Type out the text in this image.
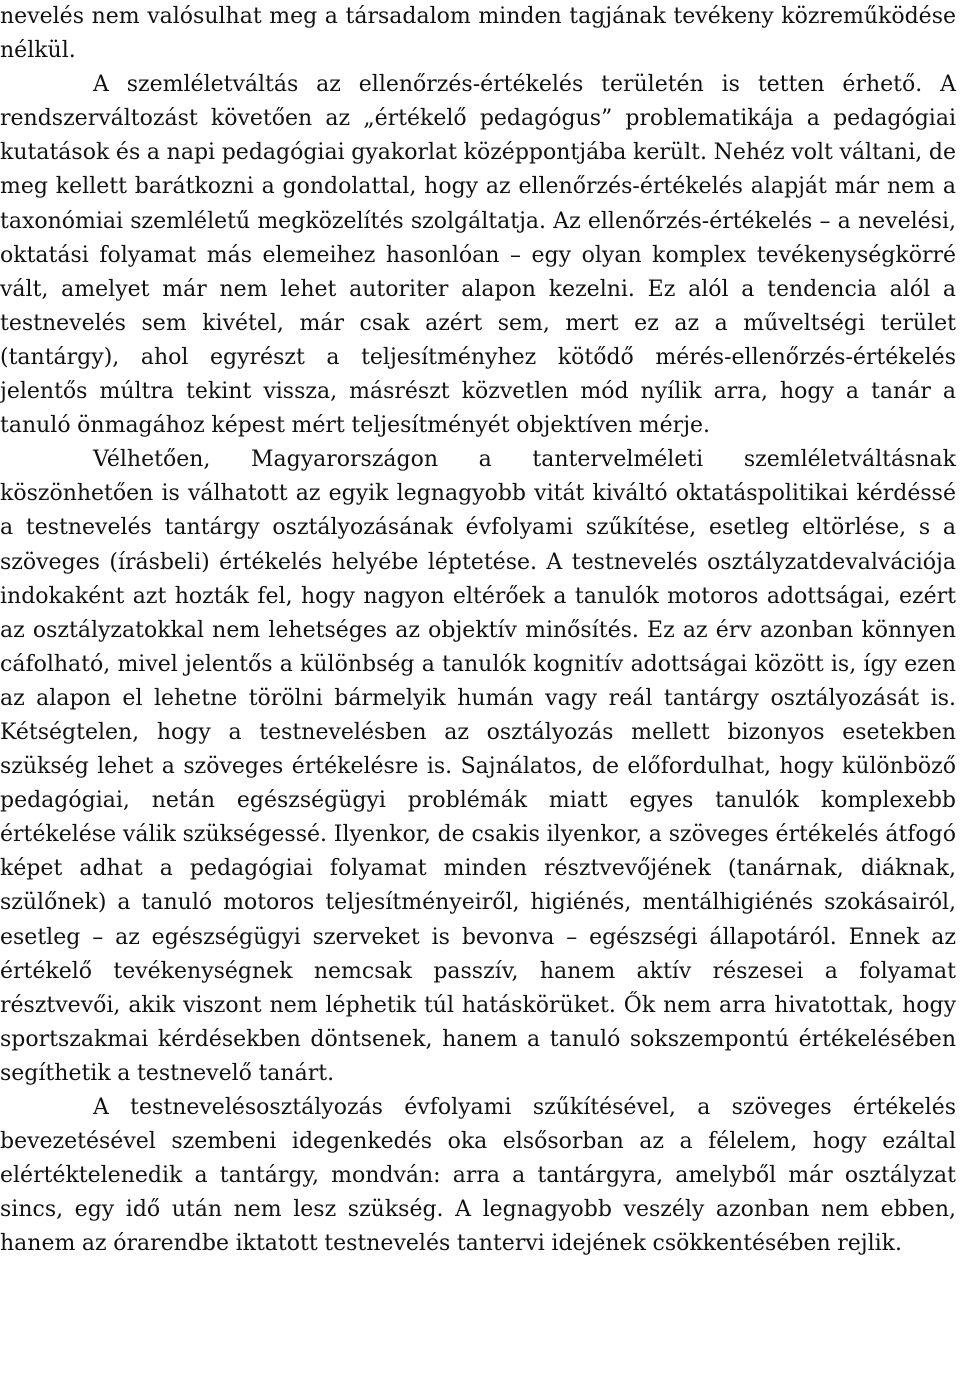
nevelés nem valósulhat meg a társadalom minden tagjának tevékeny közreműködése nélkül.

A szemléletváltás az ellenőrzés-értékelés területén is tetten érhető. A rendszerváltozást követően az „értékelő pedagógus” problematikája a pedagógiai kutatások és a napi pedagógiai gyakorlat középpontjába került. Nehéz volt váltani, de meg kellett barátkozni a gondolattal, hogy az ellenőrzés-értékelés alapját már nem a taxonómiai szemléletű megközelítés szolgáltatja. Az ellenőrzés-értékelés – a nevelési, oktatási folyamat más elemeihez hasonlóan – egy olyan komplex tevékenységkörré vált, amelyet már nem lehet autoriter alapon kezelni. Ez alól a tendencia alól a testnevelés sem kivétel, már csak azért sem, mert ez az a műveltségi terület (tantárgy), ahol egyrészt a teljesítményhez kötődő mérés-ellenőrzés-értékelés jelentős múltra tekint vissza, másrészt közvetlen mód nyílik arra, hogy a tanár a tanuló önmagához képest mért teljesítményét objektíven mérje.

Vélhetően, Magyarországon a tantervelméleti szemléletváltásnak köszönhetően is válhatott az egyik legnagyobb vitát kiváltó oktatáspolitikai kérdéssé a testnevelés tantárgy osztályozásának évfolyami szűkítése, esetleg eltörlése, s a szöveges (írásbeli) értékelés helyébe léptetése. A testnevelés osztályzatdevalvációja indokaként azt hozták fel, hogy nagyon eltérőek a tanulók motoros adottságai, ezért az osztályzatokkal nem lehetséges az objektív minősítés. Ez az érv azonban könnyen cáfolható, mivel jelentős a különbség a tanulók kognitív adottságai között is, így ezen az alapon el lehetne törölni bármelyik humán vagy reál tantárgy osztályozását is. Kétségtelen, hogy a testnevelésben az osztályozás mellett bizonyos esetekben szükség lehet a szöveges értékelésre is. Sajnálatos, de előfordulhat, hogy különböző pedagógiai, netán egészségügyi problémák miatt egyes tanulók komplexebb értékelése válik szükségessé. Ilyenkor, de csakis ilyenkor, a szöveges értékelés átfogó képet adhat a pedagógiai folyamat minden résztvevőjének (tanárnak, diáknak, szülőnek) a tanuló motoros teljesítményeiről, higiénés, mentálhigiénés szokásairól, esetleg – az egészségügyi szerveket is bevonva – egészségi állapotáról. Ennek az értékelő tevékenységnek nemcsak passzív, hanem aktív részesei a folyamat résztvevői, akik viszont nem léphetik túl hatáskörüket. Ők nem arra hivatottak, hogy sportszakmai kérdésekben döntsenek, hanem a tanuló sokszempontú értékelésében segíthetik a testnevelő tanárt.

A testnevelésosztályozás évfolyami szűkítésével, a szöveges értékelés bevezetésével szembeni idegenkedés oka elsősorban az a félelem, hogy ezáltal elértéktelenedik a tantárgy, mondván: arra a tantárgyra, amelyből már osztályzat sincs, egy idő után nem lesz szükség. A legnagyobb veszély azonban nem ebben, hanem az órarendbe iktatott testnevelés tantervi idejének csökkentésében rejlik.
